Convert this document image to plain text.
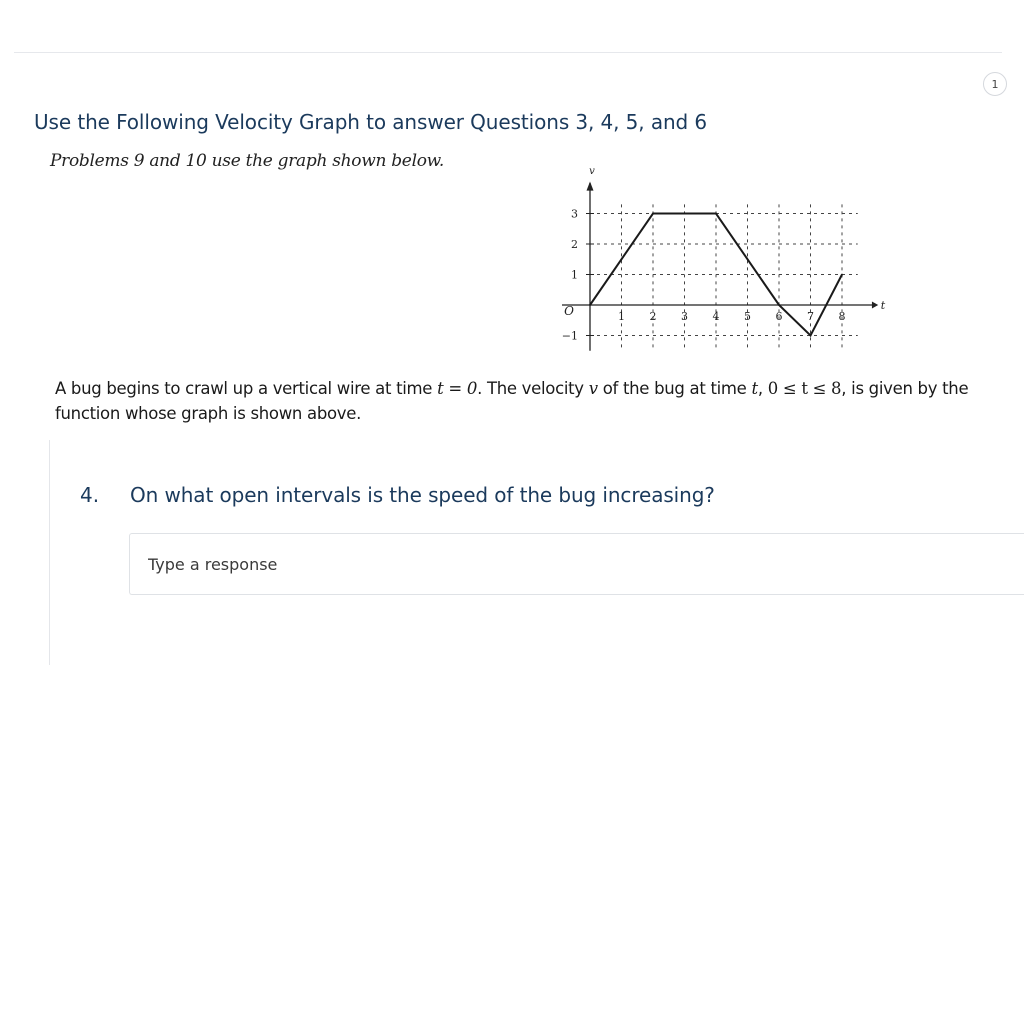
1
Use the Following Velocity Graph to answer Questions 3, 4, 5, and 6
Problems 9 and 10 use the graph shown below.
v
t
O	1 2 3 4 5 6 7 8
3
2
1
−1
A bug begins to crawl up a vertical wire at time t = 0. The velocity v of the bug at time t, 0 ≤ t ≤ 8, is given by the function whose graph is shown above.
4. On what open intervals is the speed of the bug increasing?
Type a response
